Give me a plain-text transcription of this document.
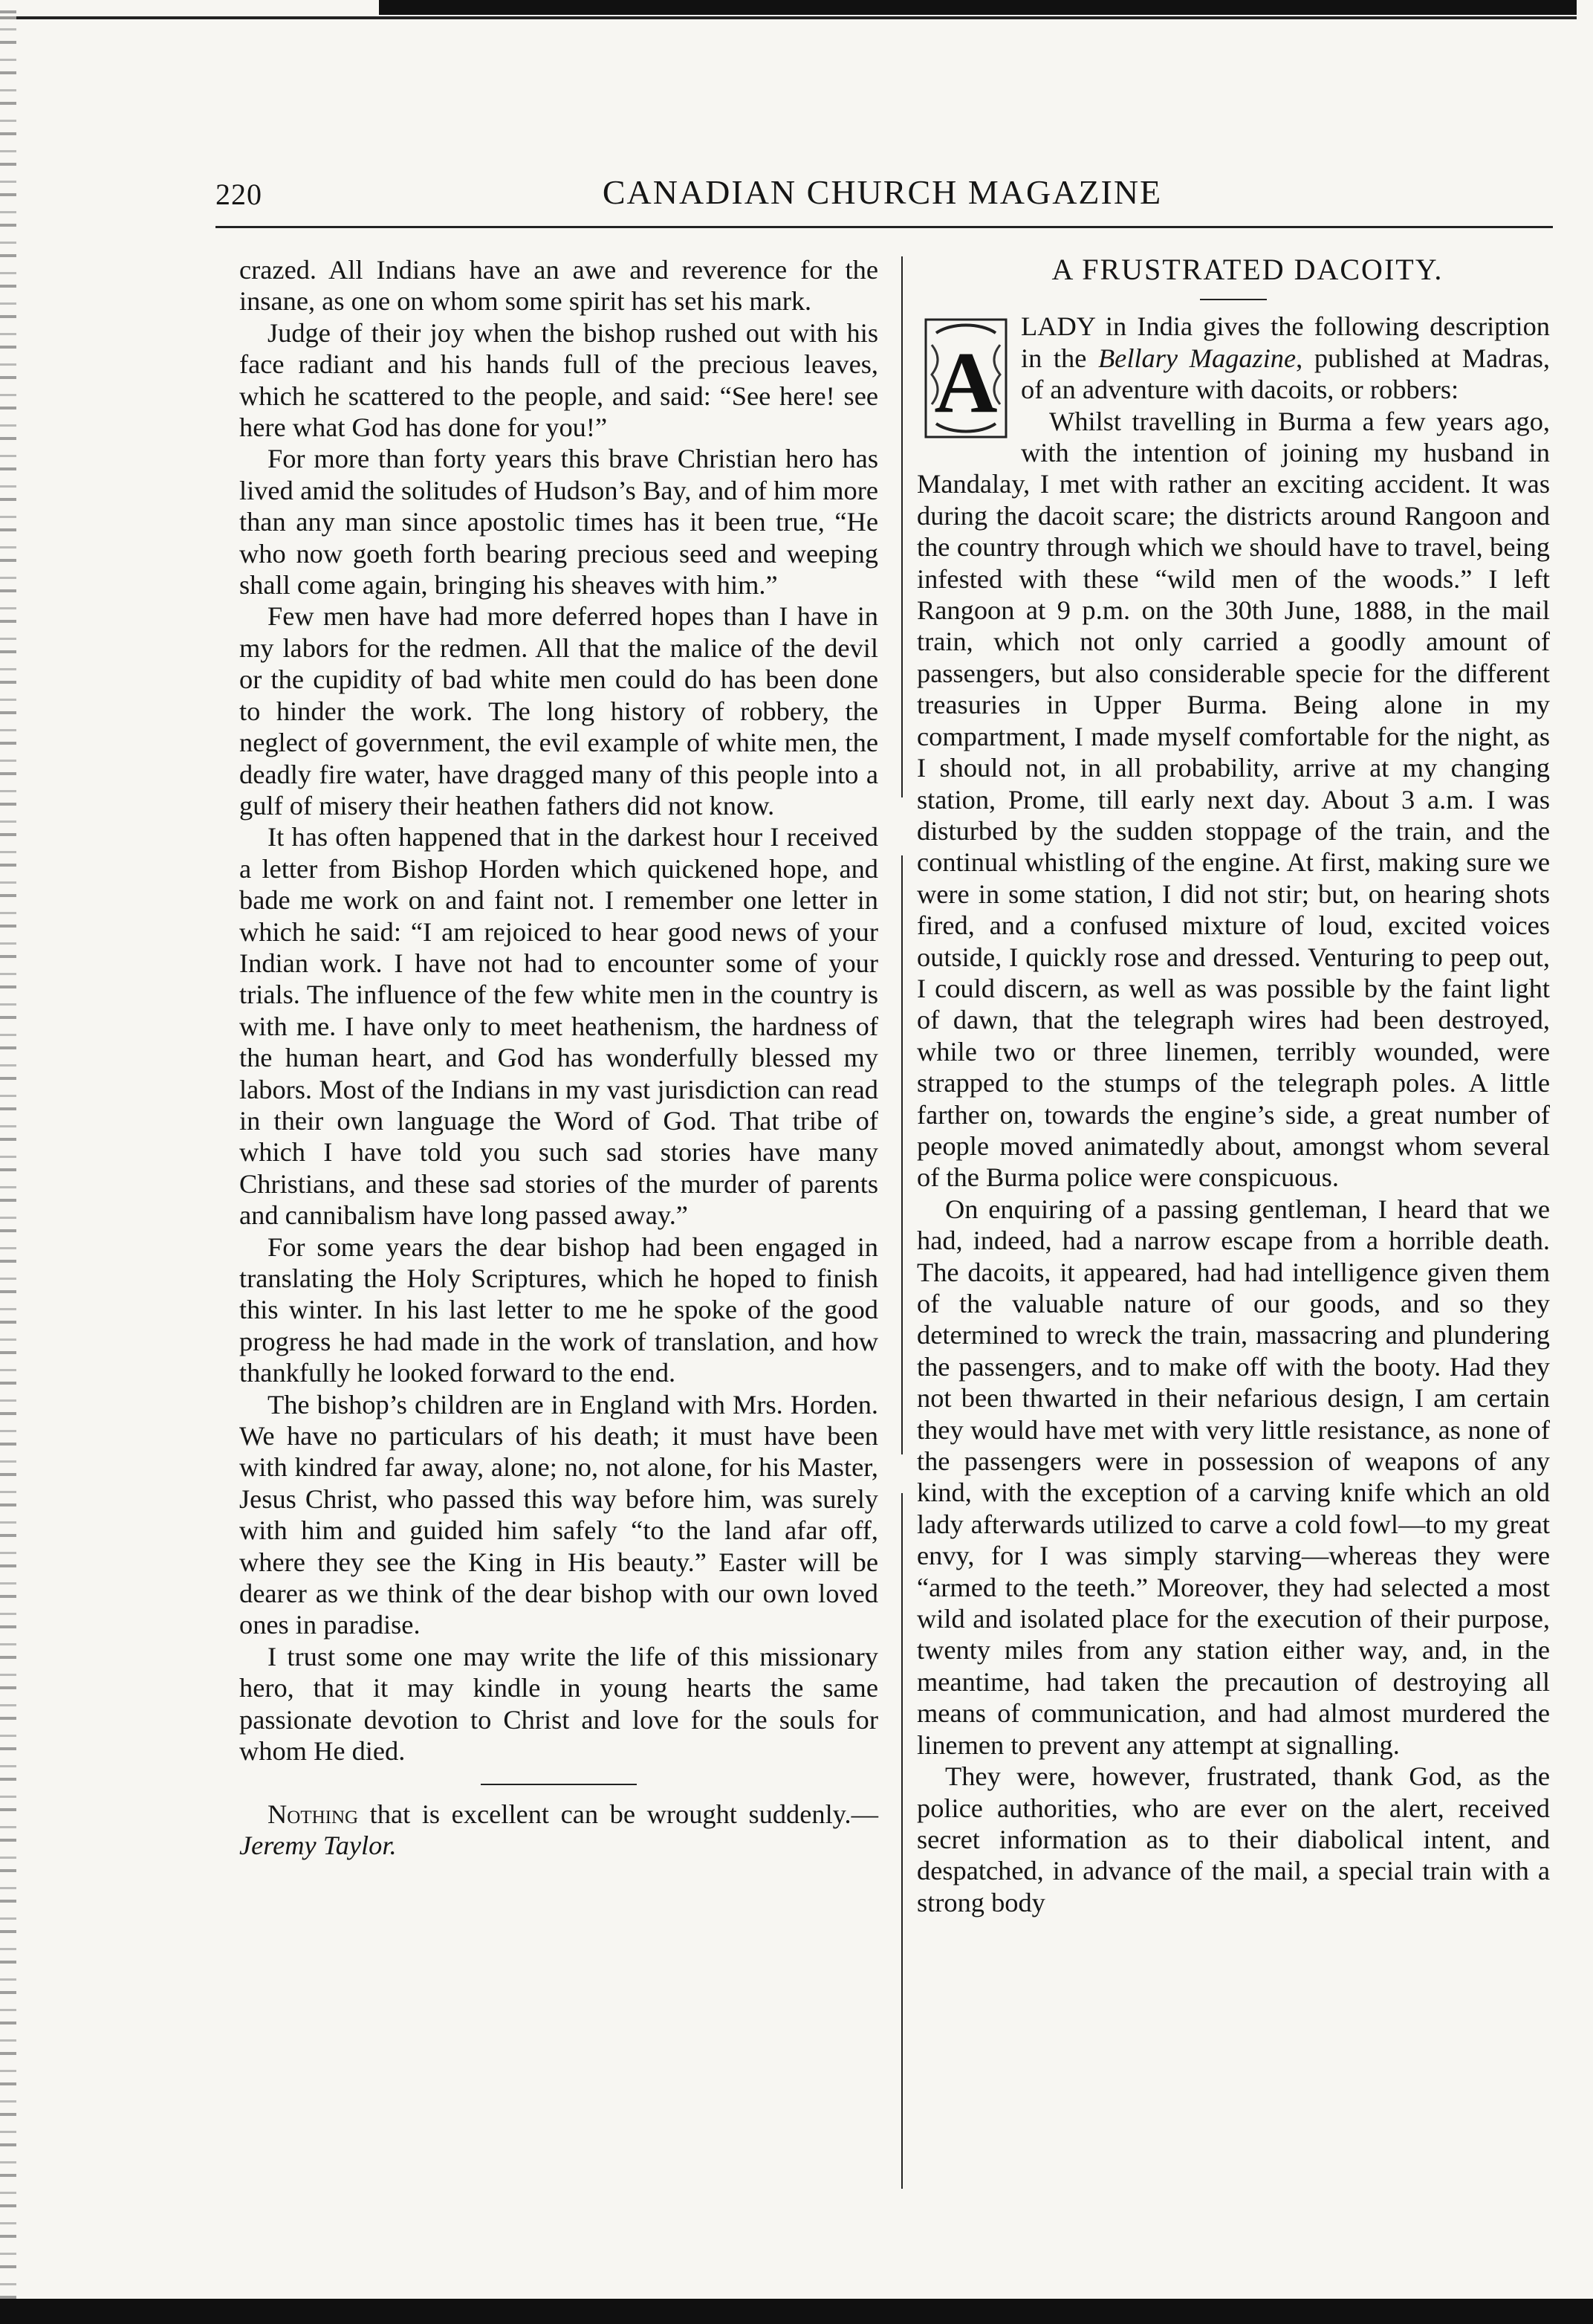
CANADIAN CHURCH MAGAZINE
220

crazed. All Indians have an awe and reverence for the insane, as one on whom some spirit has set his mark.

Judge of their joy when the bishop rushed out with his face radiant and his hands full of the precious leaves, which he scattered to the people, and said: “See here! see here what God has done for you!”

For more than forty years this brave Christian hero has lived amid the solitudes of Hudson’s Bay, and of him more than any man since apostolic times has it been true, “He who now goeth forth bearing precious seed and weeping shall come again, bringing his sheaves with him.”

Few men have had more deferred hopes than I have in my labors for the redmen. All that the malice of the devil or the cupidity of bad white men could do has been done to hinder the work. The long history of robbery, the neglect of government, the evil example of white men, the deadly fire water, have dragged many of this people into a gulf of misery their heathen fathers did not know.

It has often happened that in the darkest hour I received a letter from Bishop Horden which quickened hope, and bade me work on and faint not. I remember one letter in which he said: “I am rejoiced to hear good news of your Indian work. I have not had to encounter some of your trials. The influence of the few white men in the country is with me. I have only to meet heathenism, the hardness of the human heart, and God has wonderfully blessed my labors. Most of the Indians in my vast jurisdiction can read in their own language the Word of God. That tribe of which I have told you such sad stories have many Christians, and these sad stories of the murder of parents and cannibalism have long passed away.”

For some years the dear bishop had been engaged in translating the Holy Scriptures, which he hoped to finish this winter. In his last letter to me he spoke of the good progress he had made in the work of translation, and how thankfully he looked forward to the end.

The bishop’s children are in England with Mrs. Horden. We have no particulars of his death; it must have been with kindred far away, alone; no, not alone, for his Master, Jesus Christ, who passed this way before him, was surely with him and guided him safely “to the land afar off, where they see the King in His beauty.” Easter will be dearer as we think of the dear bishop with our own loved ones in paradise.

I trust some one may write the life of this missionary hero, that it may kindle in young hearts the same passionate devotion to Christ and love for the souls for whom He died.

Nothing that is excellent can be wrought suddenly.—Jeremy Taylor.

A FRUSTRATED DACOITY.

A

LADY in India gives the following description in the Bellary Magazine, published at Madras, of an adventure with dacoits, or robbers:

Whilst travelling in Burma a few years ago, with the intention of joining my husband in Mandalay, I met with rather an exciting accident. It was during the dacoit scare; the districts around Rangoon and the country through which we should have to travel, being infested with these “wild men of the woods.” I left Rangoon at 9 p.m. on the 30th June, 1888, in the mail train, which not only carried a goodly amount of passengers, but also considerable specie for the different treasuries in Upper Burma. Being alone in my compartment, I made myself comfortable for the night, as I should not, in all probability, arrive at my changing station, Prome, till early next day. About 3 a.m. I was disturbed by the sudden stoppage of the train, and the continual whistling of the engine. At first, making sure we were in some station, I did not stir; but, on hearing shots fired, and a confused mixture of loud, excited voices outside, I quickly rose and dressed. Venturing to peep out, I could discern, as well as was possible by the faint light of dawn, that the telegraph wires had been destroyed, while two or three linemen, terribly wounded, were strapped to the stumps of the telegraph poles. A little farther on, towards the engine’s side, a great number of people moved animatedly about, amongst whom several of the Burma police were conspicuous.

On enquiring of a passing gentleman, I heard that we had, indeed, had a narrow escape from a horrible death. The dacoits, it appeared, had had intelligence given them of the valuable nature of our goods, and so they determined to wreck the train, massacring and plundering the passengers, and to make off with the booty. Had they not been thwarted in their nefarious design, I am certain they would have met with very little resistance, as none of the passengers were in possession of weapons of any kind, with the exception of a carving knife which an old lady afterwards utilized to carve a cold fowl—to my great envy, for I was simply starving—whereas they were “armed to the teeth.” Moreover, they had selected a most wild and isolated place for the execution of their purpose, twenty miles from any station either way, and, in the meantime, had taken the precaution of destroying all means of communication, and had almost murdered the linemen to prevent any attempt at signalling.

They were, however, frustrated, thank God, as the police authorities, who are ever on the alert, received secret information as to their diabolical intent, and despatched, in advance of the mail, a special train with a strong body
